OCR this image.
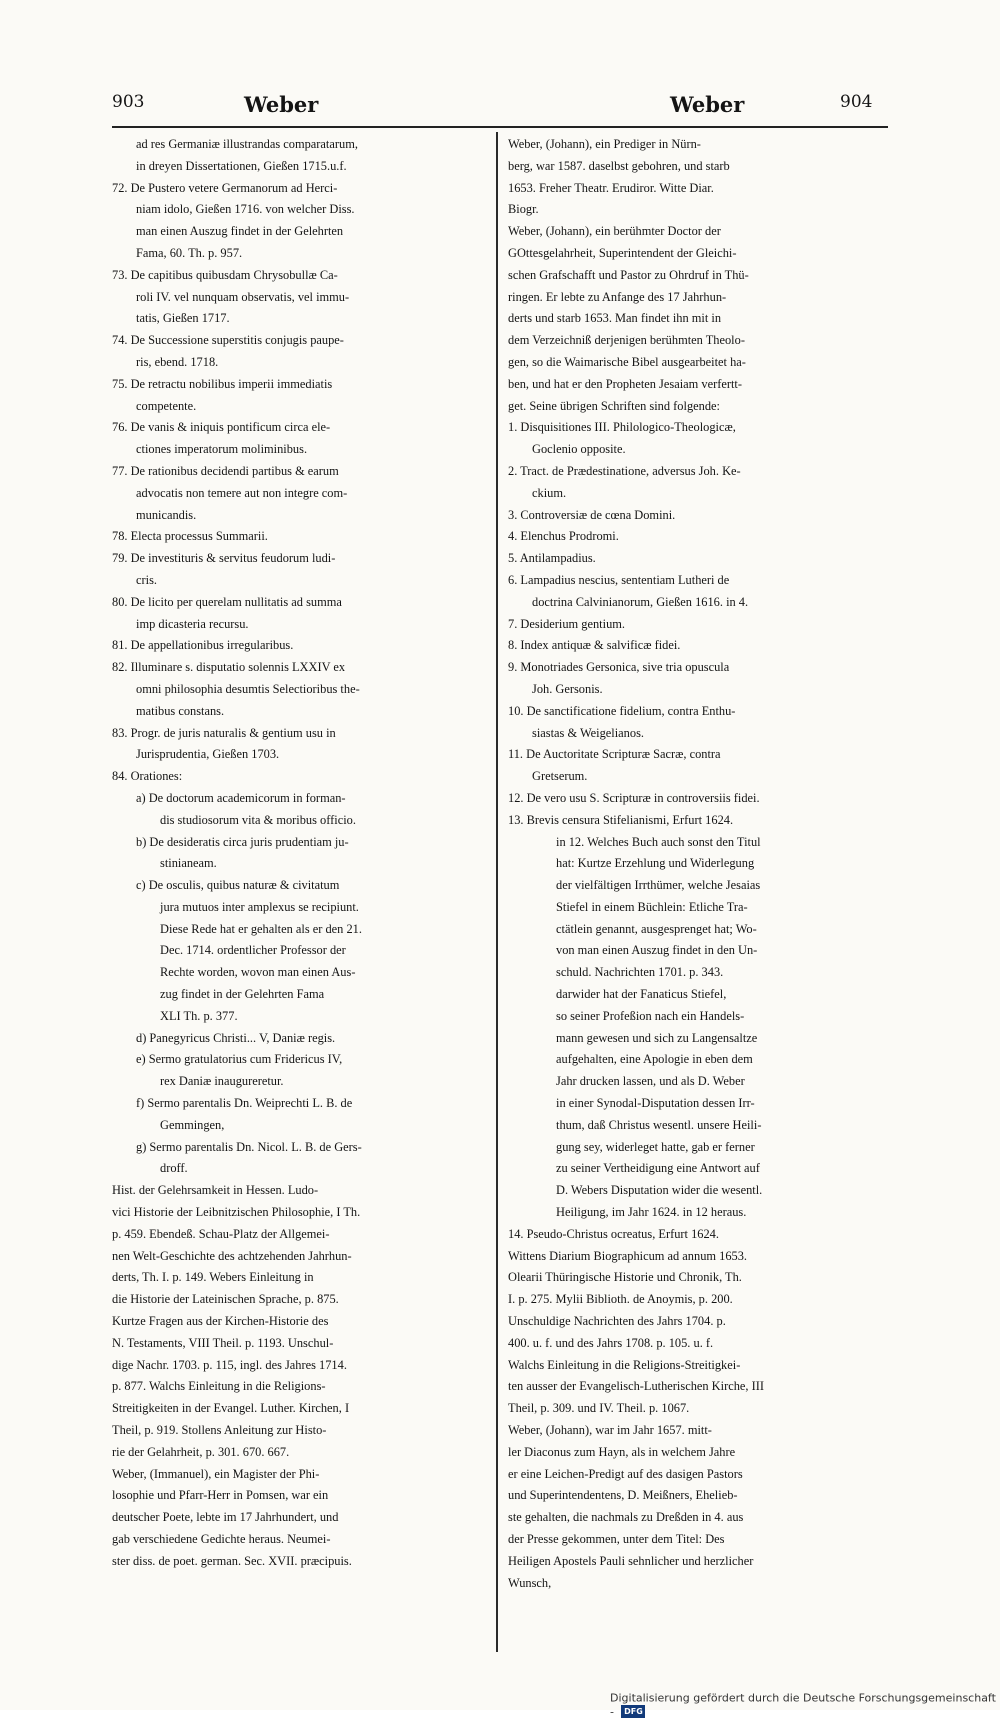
903	Weber	Weber	904

ad res Germaniæ illustrandas comparatarum,

in dreyen Dissertationen, Gießen 1715.u.f.

72. De Pustero vetere Germanorum ad Herci-

niam idolo, Gießen 1716. von welcher Diss.

man einen Auszug findet in der Gelehrten

Fama, 60. Th. p. 957.

73. De capitibus quibusdam Chrysobullæ Ca-

roli IV. vel nunquam observatis, vel immu-

tatis, Gießen 1717.

74. De Successione superstitis conjugis paupe-

ris, ebend. 1718.

75. De retractu nobilibus imperii immediatis

competente.

76. De vanis & iniquis pontificum circa ele-

ctiones imperatorum moliminibus.

77. De rationibus decidendi partibus & earum

advocatis non temere aut non integre com-

municandis.

78. Electa processus Summarii.

79. De investituris & servitus feudorum ludi-

cris.

80. De licito per querelam nullitatis ad summa

imp dicasteria recursu.

81. De appellationibus irregularibus.

82. Illuminare s. disputatio solennis LXXIV ex

omni philosophia desumtis Selectioribus the-

matibus constans.

83. Progr. de juris naturalis & gentium usu in

Jurisprudentia, Gießen 1703.

84. Orationes:

a) De doctorum academicorum in forman-

dis studiosorum vita & moribus officio.

b) De desideratis circa juris prudentiam ju-

stinianeam.

c) De osculis, quibus naturæ & civitatum

jura mutuos inter amplexus se recipiunt.

Diese Rede hat er gehalten als er den 21.

Dec. 1714. ordentlicher Professor der

Rechte worden, wovon man einen Aus-

zug findet in der Gelehrten Fama

XLI Th. p. 377.

d) Panegyricus Christi... V, Daniæ regis.

e) Sermo gratulatorius cum Fridericus IV,

rex Daniæ inaugureretur.

f) Sermo parentalis Dn. Weiprechti L. B. de

Gemmingen,

g) Sermo parentalis Dn. Nicol. L. B. de Gers-

droff.

Hist. der Gelehrsamkeit in Hessen. Ludo-

vici Historie der Leibnitzischen Philosophie, I Th.

p. 459. Ebendeß. Schau-Platz der Allgemei-

nen Welt-Geschichte des achtzehenden Jahrhun-

derts, Th. I. p. 149. Webers Einleitung in

die Historie der Lateinischen Sprache, p. 875.

Kurtze Fragen aus der Kirchen-Historie des

N. Testaments, VIII Theil. p. 1193. Unschul-

dige Nachr. 1703. p. 115, ingl. des Jahres 1714.

p. 877. Walchs Einleitung in die Religions-

Streitigkeiten in der Evangel. Luther. Kirchen, I

Theil, p. 919. Stollens Anleitung zur Histo-

rie der Gelahrheit, p. 301. 670. 667.

Weber, (Immanuel), ein Magister der Phi-

losophie und Pfarr-Herr in Pomsen, war ein

deutscher Poete, lebte im 17 Jahrhundert, und

gab verschiedene Gedichte heraus. Neumei-

ster diss. de poet. german. Sec. XVII. præcipuis.

Weber, (Johann), ein Prediger in Nürn-

berg, war 1587. daselbst gebohren, und starb

1653. Freher Theatr. Erudiror. Witte Diar.

Biogr.

Weber, (Johann), ein berühmter Doctor der

GOttesgelahrheit, Superintendent der Gleichi-

schen Grafschafft und Pastor zu Ohrdruf in Thü-

ringen. Er lebte zu Anfange des 17 Jahrhun-

derts und starb 1653. Man findet ihn mit in

dem Verzeichniß derjenigen berühmten Theolo-

gen, so die Waimarische Bibel ausgearbeitet ha-

ben, und hat er den Propheten Jesaiam verfertt-

get. Seine übrigen Schriften sind folgende:

1. Disquisitiones III. Philologico-Theologicæ,

Goclenio opposite.

2. Tract. de Prædestinatione, adversus Joh. Ke-

ckium.

3. Controversiæ de cœna Domini.

4. Elenchus Prodromi.

5. Antilampadius.

6. Lampadius nescius, sententiam Lutheri de

doctrina Calvinianorum, Gießen 1616. in 4.

7. Desiderium gentium.

8. Index antiquæ & salvificæ fidei.

9. Monotriades Gersonica, sive tria opuscula

Joh. Gersonis.

10. De sanctificatione fidelium, contra Enthu-

siastas & Weigelianos.

11. De Auctoritate Scripturæ Sacræ, contra

Gretserum.

12. De vero usu S. Scripturæ in controversiis fidei.

13. Brevis censura Stifelianismi, Erfurt 1624.

in 12. Welches Buch auch sonst den Titul

hat: Kurtze Erzehlung und Widerlegung

der vielfältigen Irrthümer, welche Jesaias

Stiefel in einem Büchlein: Etliche Tra-

ctätlein genannt, ausgesprenget hat; Wo-

von man einen Auszug findet in den Un-

schuld. Nachrichten 1701. p. 343.

darwider hat der Fanaticus Stiefel,

so seiner Profeßion nach ein Handels-

mann gewesen und sich zu Langensaltze

aufgehalten, eine Apologie in eben dem

Jahr drucken lassen, und als D. Weber

in einer Synodal-Disputation dessen Irr-

thum, daß Christus wesentl. unsere Heili-

gung sey, widerleget hatte, gab er ferner

zu seiner Vertheidigung eine Antwort auf

D. Webers Disputation wider die wesentl.

Heiligung, im Jahr 1624. in 12 heraus.

14. Pseudo-Christus ocreatus, Erfurt 1624.

Wittens Diarium Biographicum ad annum 1653.

Olearii Thüringische Historie und Chronik, Th.

I. p. 275. Mylii Biblioth. de Anoymis, p. 200.

Unschuldige Nachrichten des Jahrs 1704. p.

400. u. f. und des Jahrs 1708. p. 105. u. f.

Walchs Einleitung in die Religions-Streitigkei-

ten ausser der Evangelisch-Lutherischen Kirche, III

Theil, p. 309. und IV. Theil. p. 1067.

Weber, (Johann), war im Jahr 1657. mitt-

ler Diaconus zum Hayn, als in welchem Jahre

er eine Leichen-Predigt auf des dasigen Pastors

und Superintendentens, D. Meißners, Ehelieb-

ste gehalten, die nachmals zu Dreßden in 4. aus

der Presse gekommen, unter dem Titel: Des

Heiligen Apostels Pauli sehnlicher und herzlicher

Wunsch,

Digitalisierung gefördert durch die Deutsche Forschungsgemeinschaft - DFG
